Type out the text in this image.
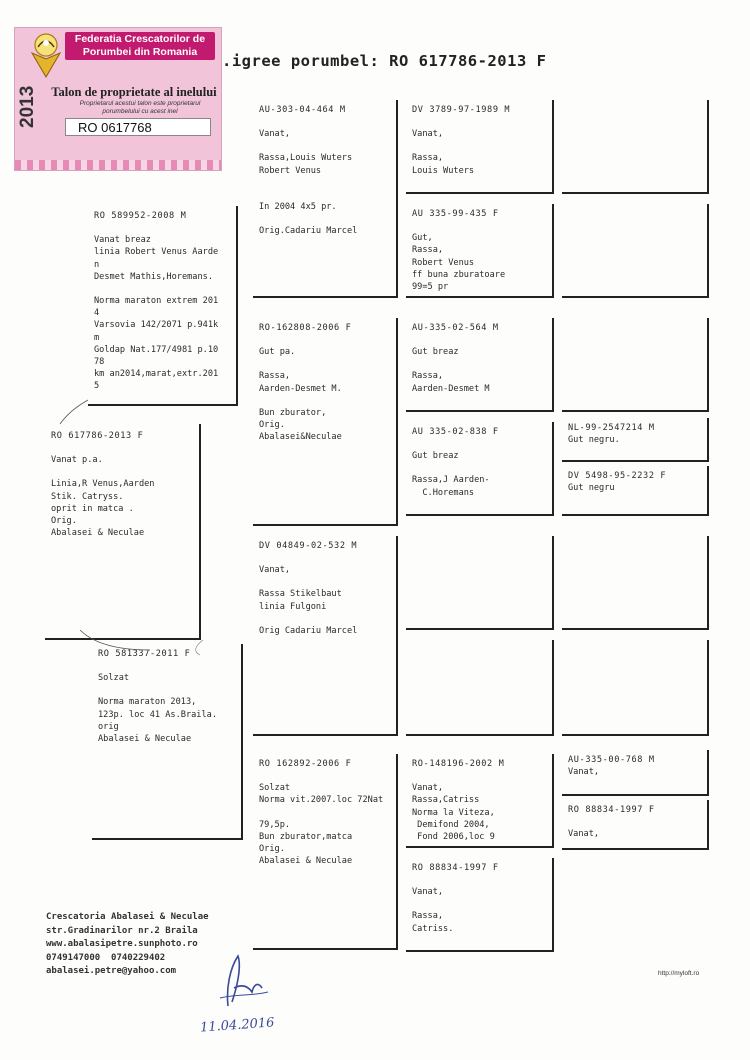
.igree porumbel: RO 617786-2013 F
Federatia Crescatorilor de Porumbei din Romania
Talon de proprietate al inelului
Proprietarul acestui talon este proprietarul porumbelului cu acest inel
RO 0617768
2013
RO 617786-2013 F
Vanat p.a.
Linia,R Venus,Aarden
Stik. Catryss.
oprit in matca .
Orig.
Abalasei & Neculae
RO 589952-2008 M
Vanat breaz
linia Robert Venus Aarde
n
Desmet Mathis,Horemans.
Norma maraton extrem 201
4
Varsovia 142/2071 p.941k
m
Goldap Nat.177/4981 p.10
78
km an2014,marat,extr.201
5
RO 581337-2011 F
Solzat
Norma maraton 2013,
123p. loc 41 As.Braila.
orig
Abalasei & Neculae
AU-303-04-464 M
Vanat,
Rassa,Louis Wuters
Robert Venus
In 2004 4x5 pr.
Orig.Cadariu Marcel
RO-162808-2006 F
Gut pa.
Rassa,
Aarden-Desmet M.
Bun zburator,
Orig.
Abalasei&Neculae
DV 04849-02-532 M
Vanat,
Rassa Stikelbaut
linia Fulgoni
Orig Cadariu Marcel
RO 162892-2006 F
Solzat
Norma vit.2007.loc 72Nat
79,5p.
Bun zburator,matca
Orig.
Abalasei & Neculae
DV 3789-97-1989 M
Vanat,
Rassa,
Louis Wuters
AU 335-99-435 F
Gut,
Rassa,
Robert Venus
ff buna zburatoare
99=5 pr
AU-335-02-564 M
Gut breaz
Rassa,
Aarden-Desmet M
AU 335-02-838 F
Gut breaz
Rassa,J Aarden-
C.Horemans
RO-148196-2002 M
Vanat,
Rassa,Catriss
Norma la Viteza,
Demifond 2004,
Fond 2006,loc 9
RO 88834-1997 F
Vanat,
Rassa,
Catriss.
NL-99-2547214 M
Gut negru.
DV 5498-95-2232 F
Gut negru
AU-335-00-768 M
Vanat,
RO 88834-1997 F
Vanat,
Crescatoria Abalasei & Neculae
str.Gradinarilor nr.2 Braila
www.abalasipetre.sunphoto.ro
0749147000  0740229402
abalasei.petre@yahoo.com
11.04.2016
http://myloft.ro
